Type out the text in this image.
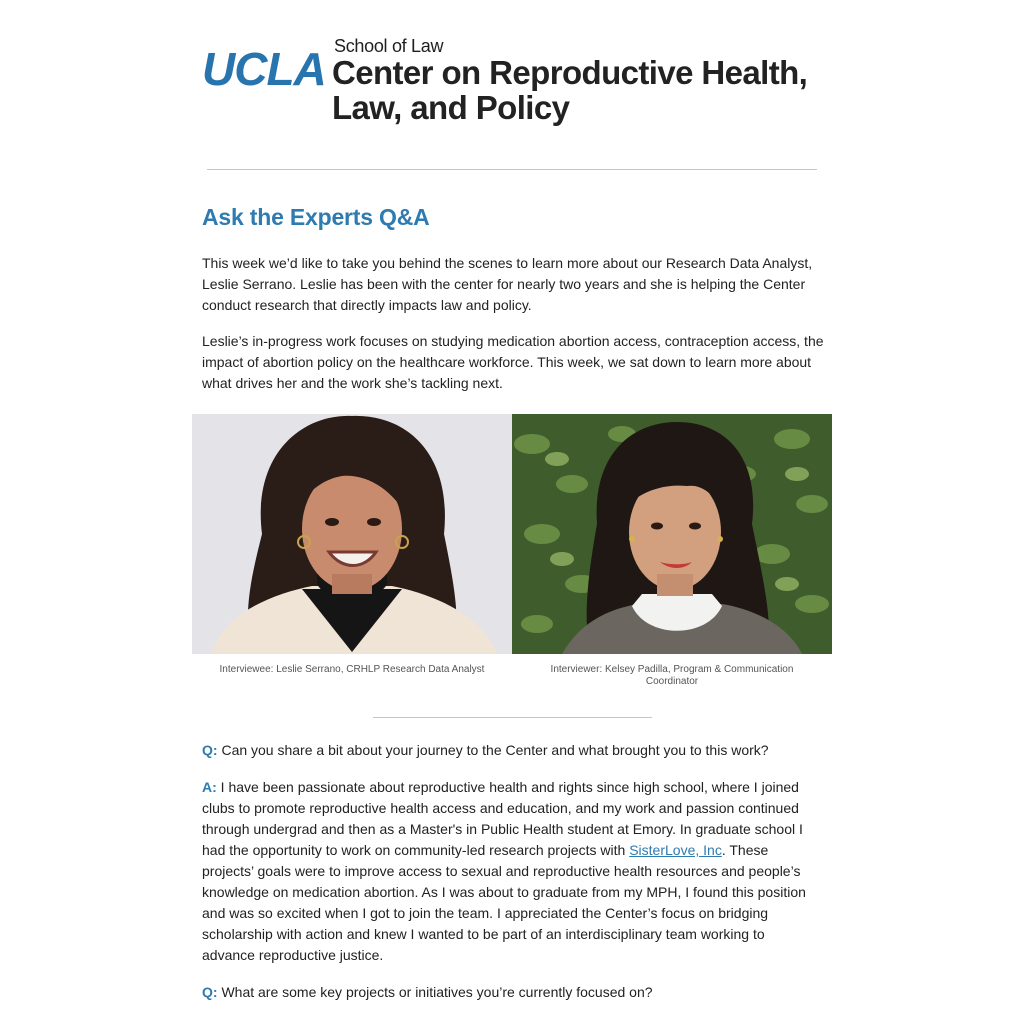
UCLA School of Law
Center on Reproductive Health,
Law, and Policy
Ask the Experts Q&A
This week we’d like to take you behind the scenes to learn more about our Research Data Analyst, Leslie Serrano. Leslie has been with the center for nearly two years and she is helping the Center conduct research that directly impacts law and policy.
Leslie’s in-progress work focuses on studying medication abortion access, contraception access, the impact of abortion policy on the healthcare workforce. This week, we sat down to learn more about what drives her and the work she’s tackling next.
Interviewee: Leslie Serrano, CRHLP Research Data Analyst	Interviewer: Kelsey Padilla, Program & Communication Coordinator
Q: Can you share a bit about your journey to the Center and what brought you to this work?
A: I have been passionate about reproductive health and rights since high school, where I joined clubs to promote reproductive health access and education, and my work and passion continued through undergrad and then as a Master's in Public Health student at Emory. In graduate school I had the opportunity to work on community-led research projects with SisterLove, Inc. These projects’ goals were to improve access to sexual and reproductive health resources and people’s knowledge on medication abortion. As I was about to graduate from my MPH, I found this position and was so excited when I got to join the team. I appreciated the Center’s focus on bridging scholarship with action and knew I wanted to be part of an interdisciplinary team working to advance reproductive justice.
Q: What are some key projects or initiatives you’re currently focused on?
